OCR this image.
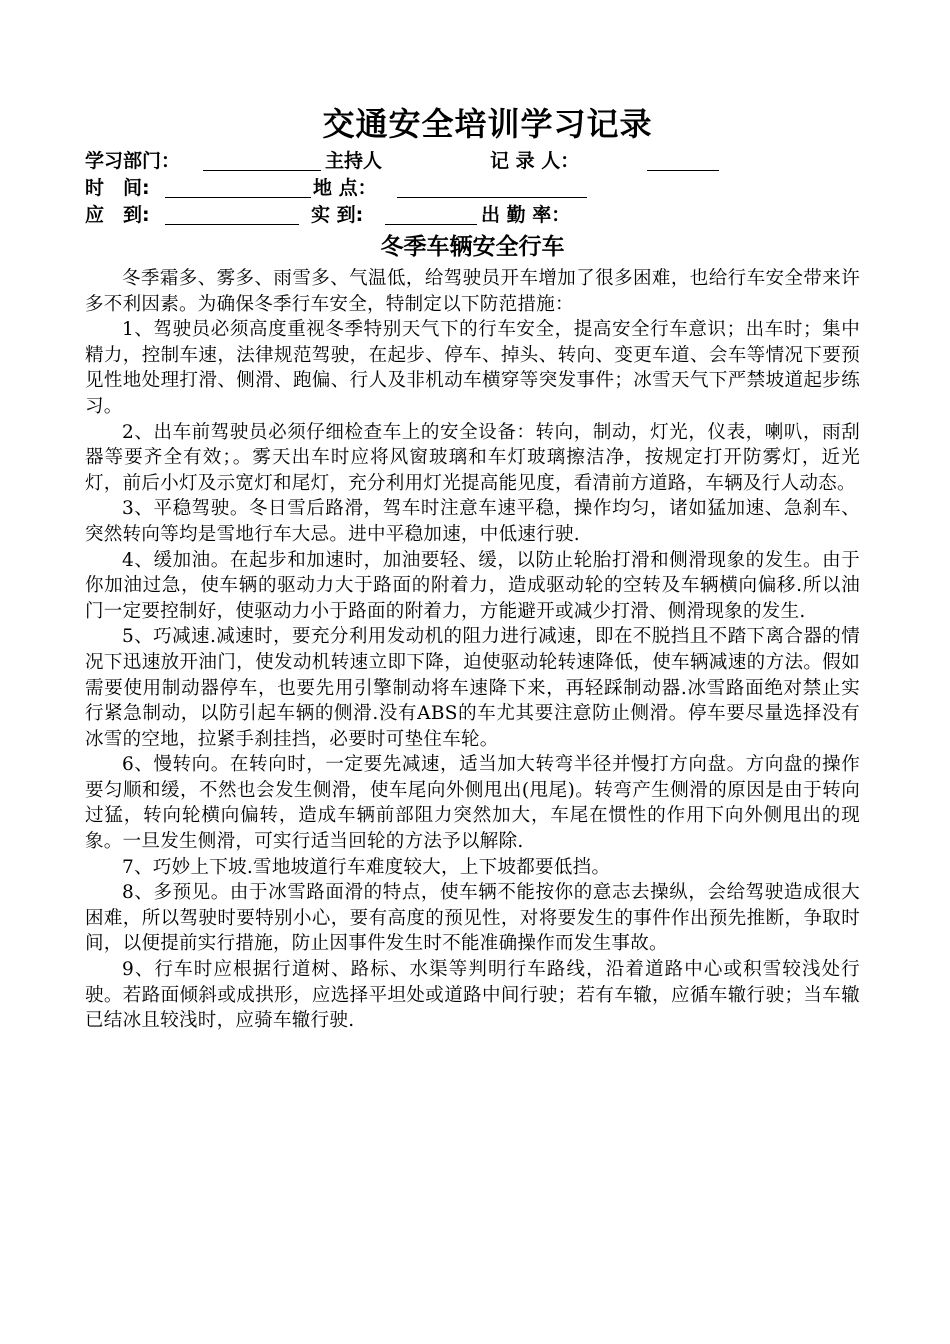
交通安全培训学习记录
学习部门：	主持人	记 录 人：
时　间:	地 点：
应　到:	实 到:	出 勤 率：
冬季车辆安全行车

冬季霜多、雾多、雨雪多、气温低，给驾驶员开车增加了很多困难，也给行车安全带来许多不利因素。为确保冬季行车安全，特制定以下防范措施：

1、驾驶员必须高度重视冬季特别天气下的行车安全，提高安全行车意识；出车时；集中精力，控制车速，法律规范驾驶，在起步、停车、掉头、转向、变更车道、会车等情况下要预见性地处理打滑、侧滑、跑偏、行人及非机动车横穿等突发事件；冰雪天气下严禁坡道起步练习。

2、出车前驾驶员必须仔细检查车上的安全设备：转向，制动，灯光，仪表，喇叭，雨刮器等要齐全有效；。雾天出车时应将风窗玻璃和车灯玻璃擦洁净，按规定打开防雾灯，近光灯，前后小灯及示宽灯和尾灯，充分利用灯光提高能见度，看清前方道路，车辆及行人动态。

3、平稳驾驶。冬日雪后路滑，驾车时注意车速平稳，操作均匀，诸如猛加速、急刹车、突然转向等均是雪地行车大忌。进中平稳加速，中低速行驶.

4、缓加油。在起步和加速时，加油要轻、缓，以防止轮胎打滑和侧滑现象的发生。由于你加油过急，使车辆的驱动力大于路面的附着力，造成驱动轮的空转及车辆横向偏移.所以油门一定要控制好，使驱动力小于路面的附着力，方能避开或减少打滑、侧滑现象的发生.

5、巧减速.减速时，要充分利用发动机的阻力进行减速，即在不脱挡且不踏下离合器的情况下迅速放开油门，使发动机转速立即下降，迫使驱动轮转速降低，使车辆减速的方法。假如需要使用制动器停车，也要先用引擎制动将车速降下来，再轻踩制动器.冰雪路面绝对禁止实行紧急制动，以防引起车辆的侧滑.没有ABS的车尤其要注意防止侧滑。停车要尽量选择没有冰雪的空地，拉紧手刹挂挡，必要时可垫住车轮。

6、慢转向。在转向时，一定要先减速，适当加大转弯半径并慢打方向盘。方向盘的操作要匀顺和缓，不然也会发生侧滑，使车尾向外侧甩出(甩尾)。转弯产生侧滑的原因是由于转向过猛，转向轮横向偏转，造成车辆前部阻力突然加大，车尾在惯性的作用下向外侧甩出的现象。一旦发生侧滑，可实行适当回轮的方法予以解除.

7、巧妙上下坡.雪地坡道行车难度较大，上下坡都要低挡。

8、多预见。由于冰雪路面滑的特点，使车辆不能按你的意志去操纵，会给驾驶造成很大困难，所以驾驶时要特别小心，要有高度的预见性，对将要发生的事件作出预先推断，争取时间，以便提前实行措施，防止因事件发生时不能准确操作而发生事故。

9、行车时应根据行道树、路标、水渠等判明行车路线，沿着道路中心或积雪较浅处行驶。若路面倾斜或成拱形，应选择平坦处或道路中间行驶；若有车辙，应循车辙行驶；当车辙已结冰且较浅时，应骑车辙行驶.
